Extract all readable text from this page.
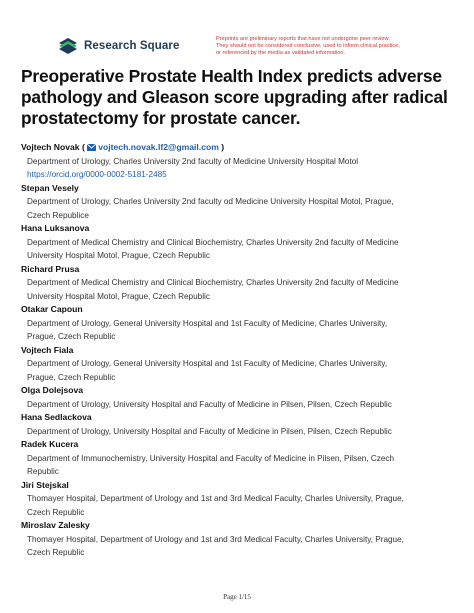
Research Square
Preprints are preliminary reports that have not undergone peer review.
They should not be considered conclusive, used to inform clinical practice,
or referenced by the media as validated information.
Preoperative Prostate Health Index predicts adverse
pathology and Gleason score upgrading after radical
prostatectomy for prostate cancer.
Vojtech Novak ( vojtech.novak.lf2@gmail.com )
Department of Urology, Charles University 2nd faculty of Medicine University Hospital Motol
https://orcid.org/0000-0002-5181-2485
Stepan Vesely
Department of Urology, Charles University 2nd faculty od Medicine University Hospital Motol, Prague,
Czech Republice
Hana Luksanova
Department of Medical Chemistry and Clinical Biochemistry, Charles University 2nd faculty of Medicine
University Hospital Motol, Prague, Czech Republic
Richard Prusa
Department of Medical Chemistry and Clinical Biochemistry, Charles University 2nd faculty of Medicine
University Hospital Motol, Prague, Czech Republic
Otakar Capoun
Department of Urology, General University Hospital and 1st Faculty of Medicine, Charles University,
Prague, Czech Republic
Vojtech Fiala
Department of Urology, General University Hospital and 1st Faculty of Medicine, Charles University,
Prague, Czech Republic
Olga Dolejsova
Department of Urology, University Hospital and Faculty of Medicine in Pilsen, Pilsen, Czech Republic
Hana Sedlackova
Department of Urology, University Hospital and Faculty of Medicine in Pilsen, Pilsen, Czech Republic
Radek Kucera
Department of Immunochemistry, University Hospital and Faculty of Medicine in Pilsen, Pilsen, Czech
Republic
Jiri Stejskal
Thomayer Hospital, Department of Urology and 1st and 3rd Medical Faculty, Charles University, Prague,
Czech Republic
Miroslav Zalesky
Thomayer Hospital, Department of Urology and 1st and 3rd Medical Faculty, Charles University, Prague,
Czech Republic
Page 1/15
